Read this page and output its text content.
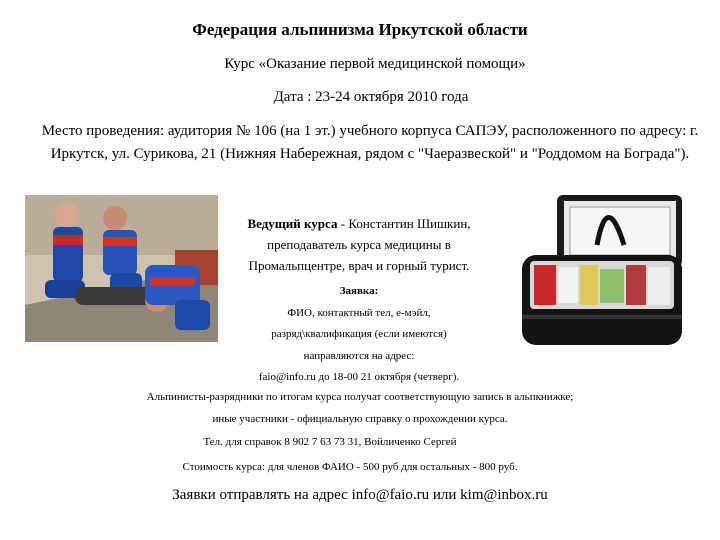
Федерация альпинизма Иркутской области
Курс «Оказание первой медицинской помощи»
Дата : 23-24 октября 2010 года
Место проведения: аудитория № 106 (на 1 эт.) учебного корпуса САПЭУ, расположенного по адресу: г. Иркутск, ул. Сурикова, 21 (Нижняя Набережная, рядом с "Чаеразвеской" и "Роддомом на Бограда").
Ведущий курса - Константин Шишкин, преподаватель курса медицины в Промальпцентре, врач и горный турист.
Заявка:
ФИО, контактный тел, е-мэйл,
разряд\квалификация (если имеются)
направляются на адрес:
faio@info.ru до 18-00 21 октября (четверг).
Альпинисты-разрядники по итогам курса получат соответствующую запись в альпкнижке;
иные участники - официальную справку о прохождении курса.
Тел. для справок 8 902 7 63 73 31, Войличенко Сергей
Стоимость курса: для членов ФАИО - 500 руб для остальных - 800 руб.
Заявки отправлять на адрес info@faio.ru или kim@inbox.ru
